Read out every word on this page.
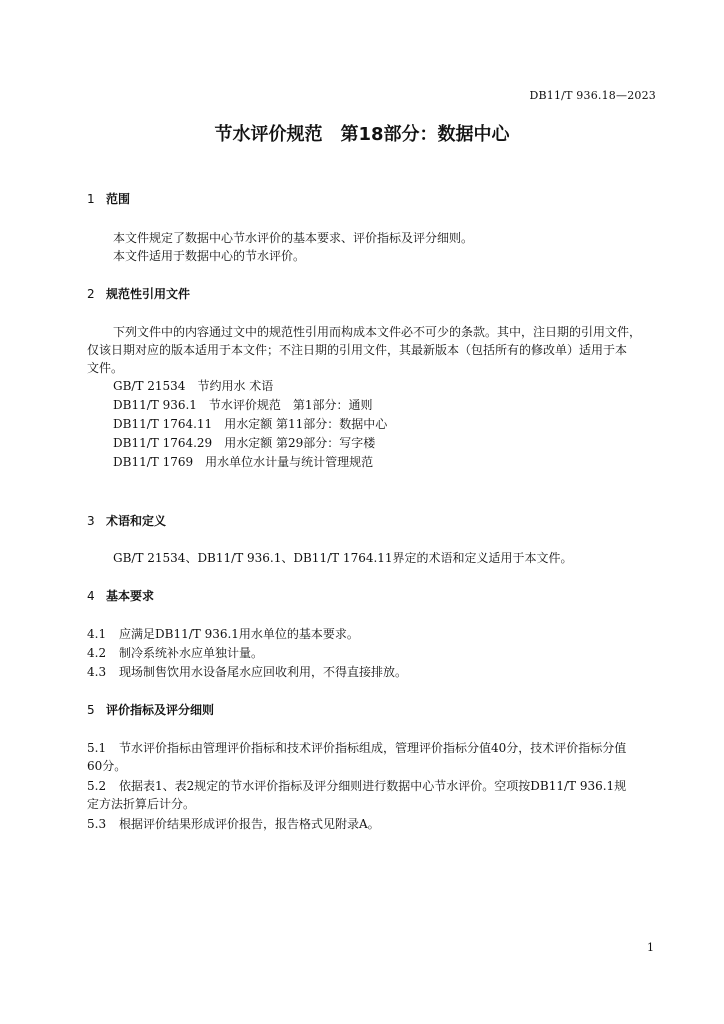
DB11/T 936.18—2023
节水评价规范　第18部分：数据中心
1 范围
本文件规定了数据中心节水评价的基本要求、评价指标及评分细则。
本文件适用于数据中心的节水评价。
2 规范性引用文件
下列文件中的内容通过文中的规范性引用而构成本文件必不可少的条款。其中，注日期的引用文件，
仅该日期对应的版本适用于本文件；不注日期的引用文件，其最新版本（包括所有的修改单）适用于本
文件。
GB/T 21534　节约用水 术语
DB11/T 936.1　节水评价规范　第1部分：通则
DB11/T 1764.11　用水定额 第11部分：数据中心
DB11/T 1764.29　用水定额 第29部分：写字楼
DB11/T 1769　用水单位水计量与统计管理规范
3 术语和定义
GB/T 21534、DB11/T 936.1、DB11/T 1764.11界定的术语和定义适用于本文件。
4 基本要求
4.1 应满足DB11/T 936.1用水单位的基本要求。
4.2 制冷系统补水应单独计量。
4.3 现场制售饮用水设备尾水应回收利用，不得直接排放。
5 评价指标及评分细则
5.1 节水评价指标由管理评价指标和技术评价指标组成，管理评价指标分值40分，技术评价指标分值
60分。
5.2 依据表1、表2规定的节水评价指标及评分细则进行数据中心节水评价。空项按DB11/T 936.1规
定方法折算后计分。
5.3 根据评价结果形成评价报告，报告格式见附录A。
1
